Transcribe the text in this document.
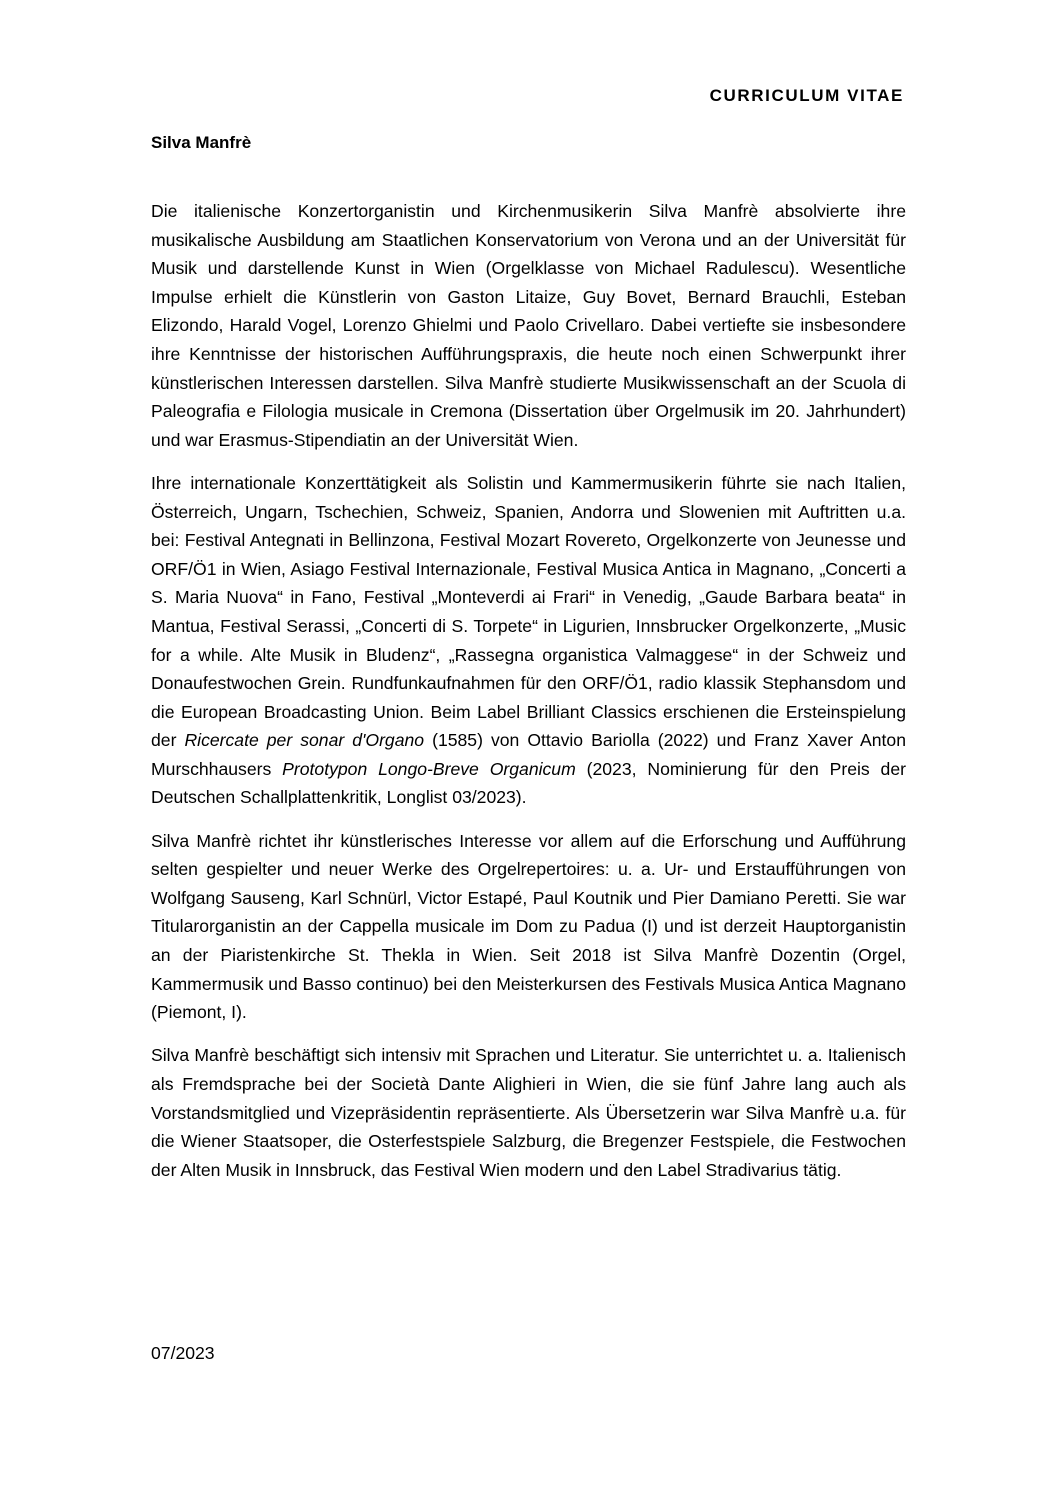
CURRICULUM VITAE
Silva Manfrè

Die italienische Konzertorganistin und Kirchenmusikerin Silva Manfrè absolvierte ihre musikalische Ausbildung am Staatlichen Konservatorium von Verona und an der Universität für Musik und darstellende Kunst in Wien (Orgelklasse von Michael Radulescu). Wesentliche Impulse erhielt die Künstlerin von Gaston Litaize, Guy Bovet, Bernard Brauchli, Esteban Elizondo, Harald Vogel, Lorenzo Ghielmi und Paolo Crivellaro. Dabei vertiefte sie insbesondere ihre Kenntnisse der historischen Aufführungspraxis, die heute noch einen Schwerpunkt ihrer künstlerischen Interessen darstellen. Silva Manfrè studierte Musikwissenschaft an der Scuola di Paleografia e Filologia musicale in Cremona (Dissertation über Orgelmusik im 20. Jahrhundert) und war Erasmus-Stipendiatin an der Universität Wien.

Ihre internationale Konzerttätigkeit als Solistin und Kammermusikerin führte sie nach Italien, Österreich, Ungarn, Tschechien, Schweiz, Spanien, Andorra und Slowenien mit Auftritten u.a. bei: Festival Antegnati in Bellinzona, Festival Mozart Rovereto, Orgelkonzerte von Jeunesse und ORF/Ö1 in Wien, Asiago Festival Internazionale, Festival Musica Antica in Magnano, „Concerti a S. Maria Nuova“ in Fano, Festival „Monteverdi ai Frari“ in Venedig, „Gaude Barbara beata“ in Mantua, Festival Serassi, „Concerti di S. Torpete“ in Ligurien, Innsbrucker Orgelkonzerte, „Music for a while. Alte Musik in Bludenz“, „Rassegna organistica Valmaggese“ in der Schweiz und Donaufestwochen Grein. Rundfunkaufnahmen für den ORF/Ö1, radio klassik Stephansdom und die European Broadcasting Union. Beim Label Brilliant Classics erschienen die Ersteinspielung der Ricercate per sonar d'Organo (1585) von Ottavio Bariolla (2022) und Franz Xaver Anton Murschhausers Prototypon Longo-Breve Organicum (2023, Nominierung für den Preis der Deutschen Schallplattenkritik, Longlist 03/2023).

Silva Manfrè richtet ihr künstlerisches Interesse vor allem auf die Erforschung und Aufführung selten gespielter und neuer Werke des Orgelrepertoires: u. a. Ur- und Erstaufführungen von Wolfgang Sauseng, Karl Schnürl, Victor Estapé, Paul Koutnik und Pier Damiano Peretti. Sie war Titularorganistin an der Cappella musicale im Dom zu Padua (I) und ist derzeit Hauptorganistin an der Piaristenkirche St. Thekla in Wien. Seit 2018 ist Silva Manfrè Dozentin (Orgel, Kammermusik und Basso continuo) bei den Meisterkursen des Festivals Musica Antica Magnano (Piemont, I).

Silva Manfrè beschäftigt sich intensiv mit Sprachen und Literatur. Sie unterrichtet u. a. Italienisch als Fremdsprache bei der Società Dante Alighieri in Wien, die sie fünf Jahre lang auch als Vorstandsmitglied und Vizepräsidentin repräsentierte. Als Übersetzerin war Silva Manfrè u.a. für die Wiener Staatsoper, die Osterfestspiele Salzburg, die Bregenzer Festspiele, die Festwochen der Alten Musik in Innsbruck, das Festival Wien modern und den Label Stradivarius tätig.

07/2023
